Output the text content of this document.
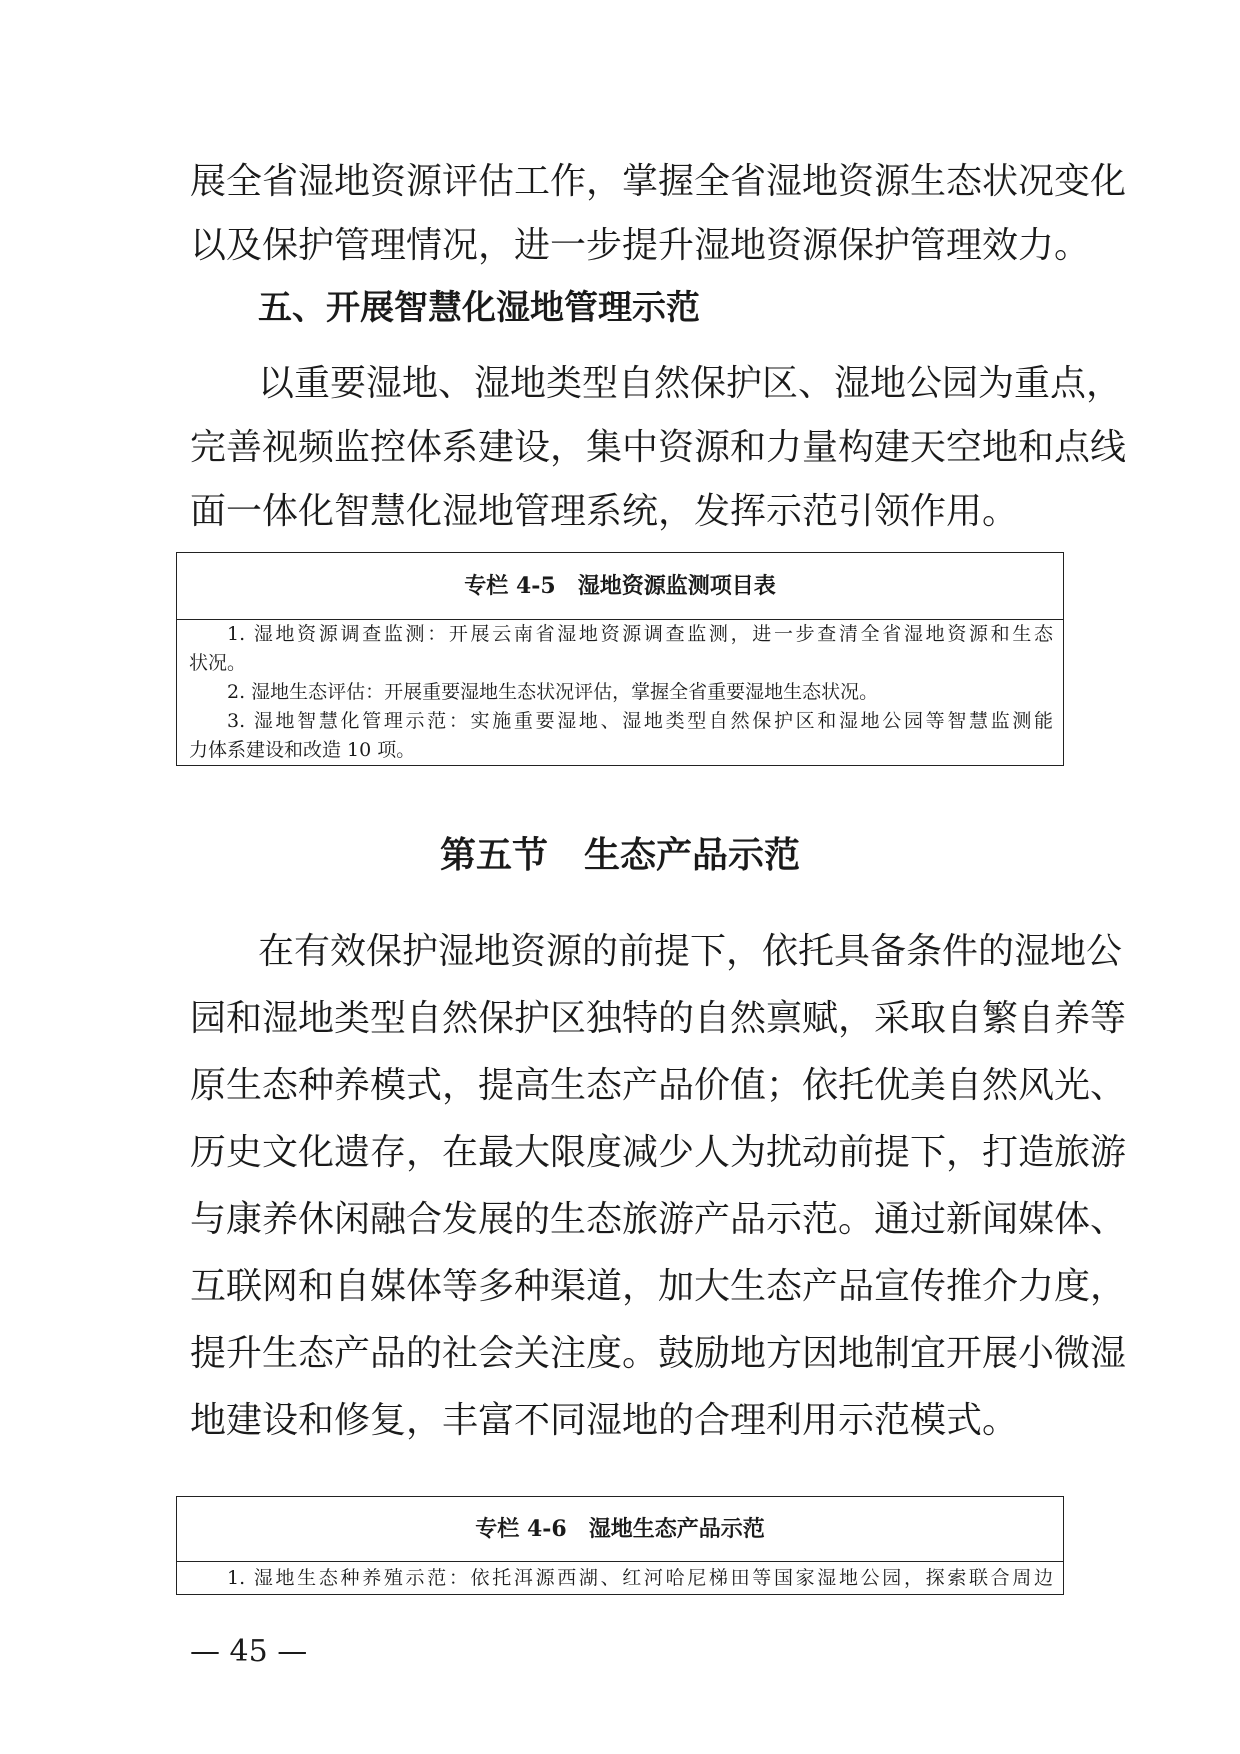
展全省湿地资源评估工作，掌握全省湿地资源生态状况变化
以及保护管理情况，进一步提升湿地资源保护管理效力。
五、开展智慧化湿地管理示范
以重要湿地、湿地类型自然保护区、湿地公园为重点，
完善视频监控体系建设，集中资源和力量构建天空地和点线
面一体化智慧化湿地管理系统，发挥示范引领作用。
专栏 4-5　湿地资源监测项目表
1. 湿地资源调查监测：开展云南省湿地资源调查监测，进一步查清全省湿地资源和生态
状况。
2. 湿地生态评估：开展重要湿地生态状况评估，掌握全省重要湿地生态状况。
3. 湿地智慧化管理示范：实施重要湿地、湿地类型自然保护区和湿地公园等智慧监测能
力体系建设和改造 10 项。
第五节　生态产品示范
在有效保护湿地资源的前提下，依托具备条件的湿地公
园和湿地类型自然保护区独特的自然禀赋，采取自繁自养等
原生态种养模式，提高生态产品价值；依托优美自然风光、
历史文化遗存，在最大限度减少人为扰动前提下，打造旅游
与康养休闲融合发展的生态旅游产品示范。通过新闻媒体、
互联网和自媒体等多种渠道，加大生态产品宣传推介力度，
提升生态产品的社会关注度。鼓励地方因地制宜开展小微湿
地建设和修复，丰富不同湿地的合理利用示范模式。
专栏 4-6　湿地生态产品示范
1. 湿地生态种养殖示范：依托洱源西湖、红河哈尼梯田等国家湿地公园，探索联合周边
— 45 —
